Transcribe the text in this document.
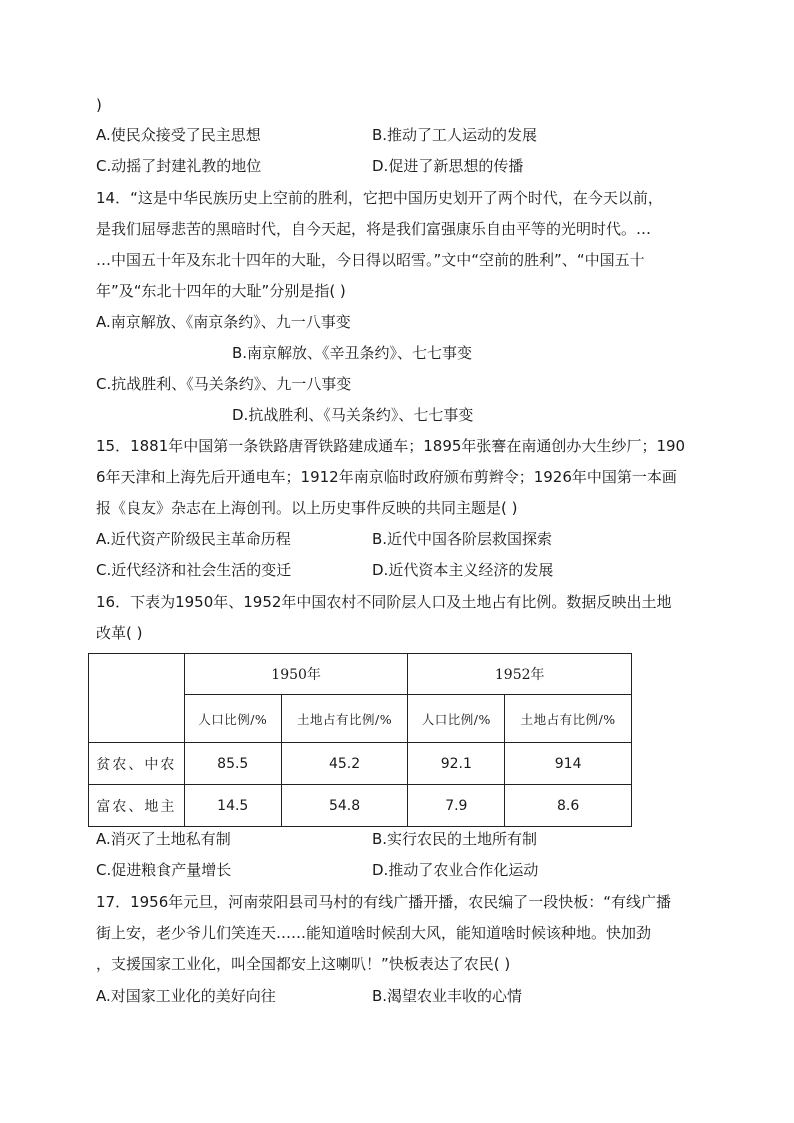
)
A.使民众接受了民主思想	B.推动了工人运动的发展
C.动摇了封建礼教的地位	D.促进了新思想的传播
14．“这是中华民族历史上空前的胜利，它把中国历史划开了两个时代，在今天以前，
是我们屈辱悲苦的黑暗时代，自今天起，将是我们富强康乐自由平等的光明时代。…
…中国五十年及东北十四年的大耻，今日得以昭雪。”文中“空前的胜利”、“中国五十
年”及“东北十四年的大耻”分别是指( )
A.南京解放、《南京条约》、九一八事变
B.南京解放、《辛丑条约》、七七事变
C.抗战胜利、《马关条约》、九一八事变
D.抗战胜利、《马关条约》、七七事变
15．1881年中国第一条铁路唐胥铁路建成通车；1895年张謇在南通创办大生纱厂；190
6年天津和上海先后开通电车；1912年南京临时政府颁布剪辫令；1926年中国第一本画
报《良友》杂志在上海创刊。以上历史事件反映的共同主题是( )
A.近代资产阶级民主革命历程	B.近代中国各阶层救国探索
C.近代经济和社会生活的变迁	D.近代资本主义经济的发展
16．下表为1950年、1952年中国农村不同阶层人口及土地占有比例。数据反映出土地
改革( )
	1950年		1952年	
	人口比例/%	土地占有比例/%	人口比例/%	土地占有比例/%
贫农、中农	85.5	45.2	92.1	914
富农、地主	14.5	54.8	7.9	8.6
A.消灭了土地私有制	B.实行农民的土地所有制
C.促进粮食产量增长	D.推动了农业合作化运动
17．1956年元旦，河南荥阳县司马村的有线广播开播，农民编了一段快板：“有线广播
街上安，老少爷儿们笑连天……能知道啥时候刮大风，能知道啥时候该种地。快加劲
，支援国家工业化，叫全国都安上这喇叭！”快板表达了农民( )
A.对国家工业化的美好向往	B.渴望农业丰收的心情
